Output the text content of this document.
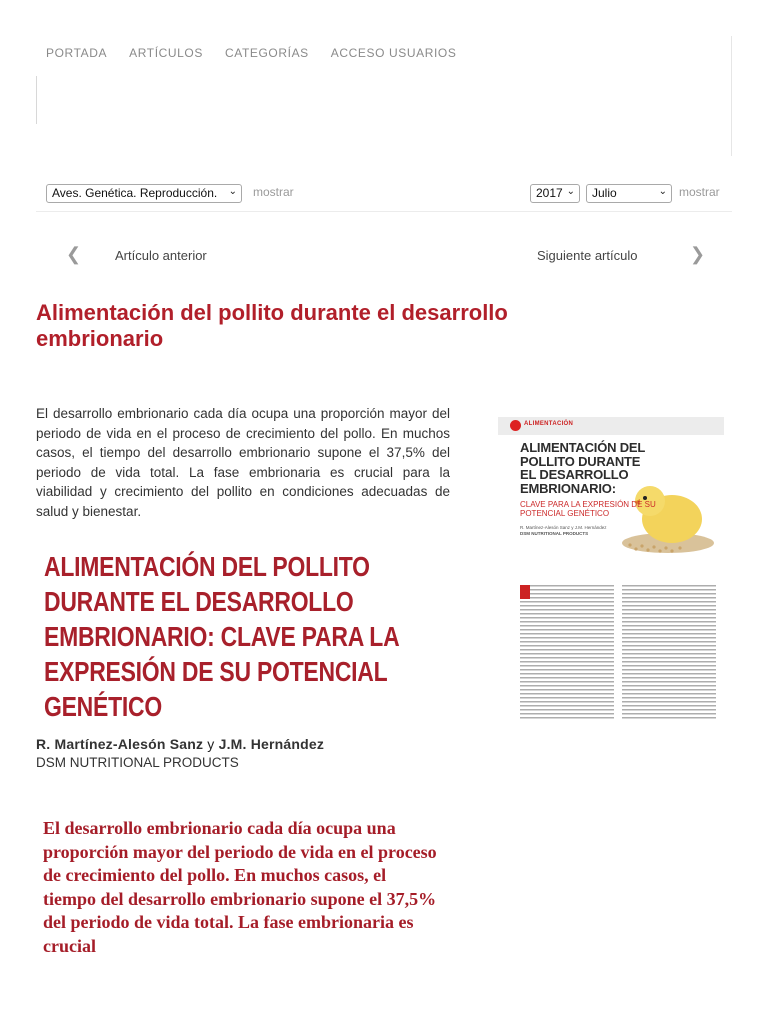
PORTADA ARTÍCULOS CATEGORÍAS ACCESO USUARIOS
Aves. Genética. Reproducción. ⌄ mostrar	2017 ⌄	Julio	⌄ mostrar
❮	Artículo anterior	Siguiente artículo	❯
Alimentación del pollito durante el desarrollo embrionario

El desarrollo embrionario cada día ocupa una proporción mayor del periodo de vida en el proceso de crecimiento del pollo. En muchos casos, el tiempo del desarrollo embrionario supone el 37,5% del periodo de vida total. La fase embrionaria es crucial para la viabilidad y crecimiento del pollito en condiciones adecuadas de salud y bienestar.

ALIMENTACIÓN
ALIMENTACIÓN DEL POLLITO DURANTE EL DESARROLLO EMBRIONARIO:
CLAVE PARA LA EXPRESIÓN DE SU POTENCIAL GENÉTICO
R. Martínez-Alesón Sanz y J.M. Hernández
DSM NUTRITIONAL PRODUCTS
ALIMENTACIÓN DEL POLLITO DURANTE EL DESARROLLO EMBRIONARIO: CLAVE PARA LA EXPRESIÓN DE SU POTENCIAL GENÉTICO
R. Martínez-Alesón Sanz y J.M. Hernández
DSM NUTRITIONAL PRODUCTS

El desarrollo embrionario cada día ocupa una proporción mayor del periodo de vida en el proceso de crecimiento del pollo. En muchos casos, el tiempo del desarrollo embrionario supone el 37,5% del periodo de vida total. La fase embrionaria es crucial
